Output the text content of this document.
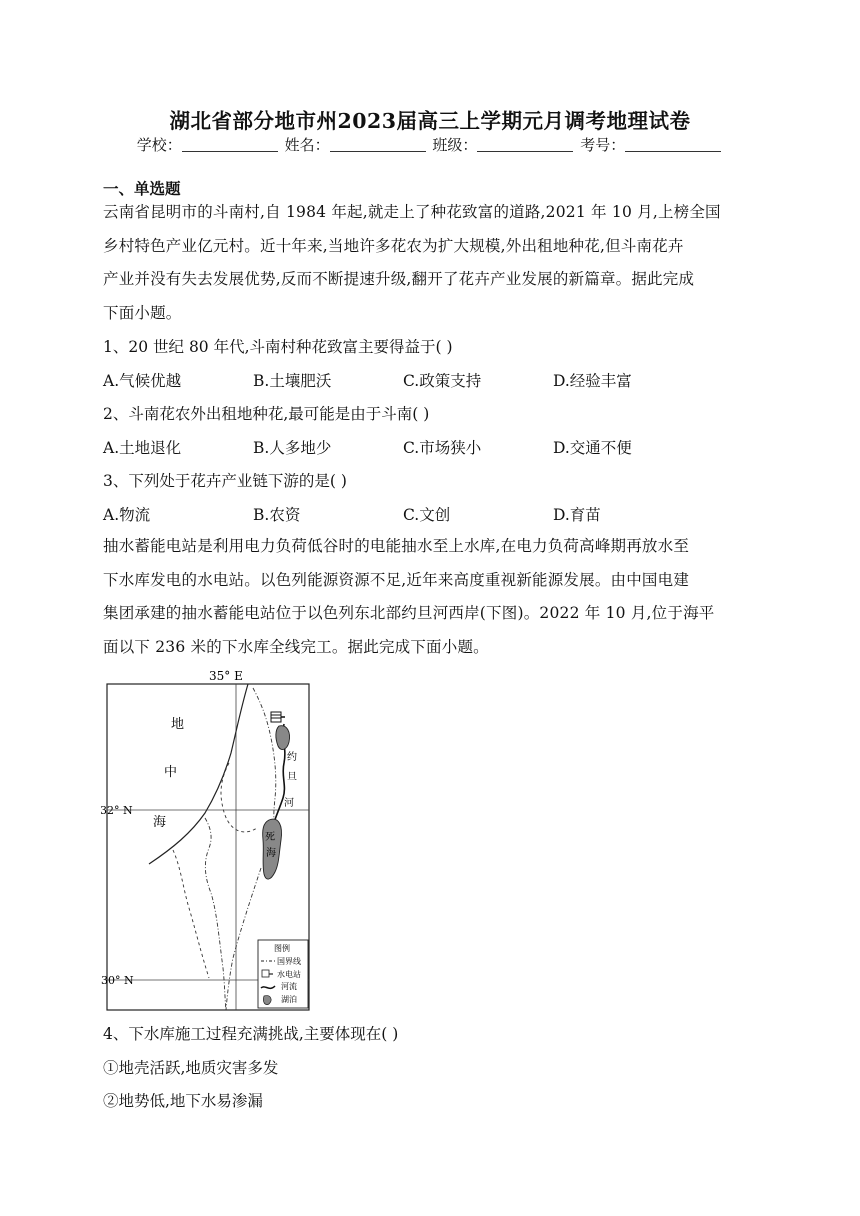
湖北省部分地市州2023届高三上学期元月调考地理试卷
学校：	姓名：	班级：	考号：
一、单选题
云南省昆明市的斗南村,自 1984 年起,就走上了种花致富的道路,2021 年 10 月,上榜全国
乡村特色产业亿元村。近十年来,当地许多花农为扩大规模,外出租地种花,但斗南花卉
产业并没有失去发展优势,反而不断提速升级,翻开了花卉产业发展的新篇章。据此完成
下面小题。
1、20 世纪 80 年代,斗南村种花致富主要得益于( )
A.气候优越	B.土壤肥沃	C.政策支持	D.经验丰富
2、斗南花农外出租地种花,最可能是由于斗南( )
A.土地退化	B.人多地少	C.市场狭小	D.交通不便
3、下列处于花卉产业链下游的是( )
A.物流	B.农资	C.文创	D.育苗
抽水蓄能电站是利用电力负荷低谷时的电能抽水至上水库,在电力负荷高峰期再放水至
下水库发电的水电站。以色列能源资源不足,近年来高度重视新能源发展。由中国电建
集团承建的抽水蓄能电站位于以色列东北部约旦河西岸(下图)。2022 年 10 月,位于海平
面以下 236 米的下水库全线完工。据此完成下面小题。
35° E
32° N
30° N
地
中
海
约
旦
河
死
海
图例
国界线
水电站
河流
湖泊
4、下水库施工过程充满挑战,主要体现在( )
①地壳活跃,地质灾害多发
②地势低,地下水易渗漏
